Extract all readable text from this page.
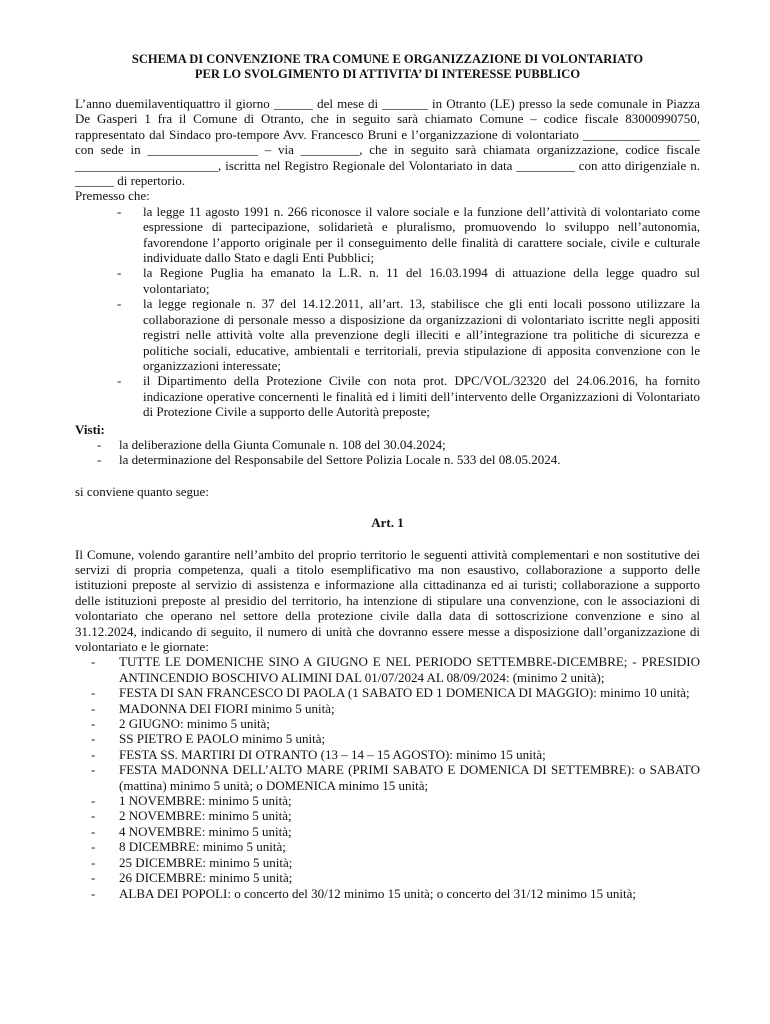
SCHEMA DI CONVENZIONE TRA COMUNE E ORGANIZZAZIONE DI VOLONTARIATO
PER LO SVOLGIMENTO DI ATTIVITA’ DI INTERESSE PUBBLICO

L’anno duemilaventiquattro il giorno ______ del mese di _______ in Otranto (LE) presso la sede comunale in Piazza De Gasperi 1 fra il Comune di Otranto, che in seguito sarà chiamato Comune – codice fiscale 83000990750, rappresentato dal Sindaco pro-tempore Avv. Francesco Bruni e l’organizzazione di volontariato __________________ con sede in _________________ – via _________, che in seguito sarà chiamata organizzazione, codice fiscale ______________________, iscritta nel Registro Regionale del Volontariato in data _________ con atto dirigenziale n. ______ di repertorio.

Premesso che:

- la legge 11 agosto 1991 n. 266 riconosce il valore sociale e la funzione dell’attività di volontariato come espressione di partecipazione, solidarietà e pluralismo, promuovendo lo sviluppo nell’autonomia, favorendone l’apporto originale per il conseguimento delle finalità di carattere sociale, civile e culturale individuate dallo Stato e dagli Enti Pubblici;
- la Regione Puglia ha emanato la L.R. n. 11 del 16.03.1994 di attuazione della legge quadro sul volontariato;
- la legge regionale n. 37 del 14.12.2011, all’art. 13, stabilisce che gli enti locali possono utilizzare la collaborazione di personale messo a disposizione da organizzazioni di volontariato iscritte negli appositi registri nelle attività volte alla prevenzione degli illeciti e all’integrazione tra politiche di sicurezza e politiche sociali, educative, ambientali e territoriali, previa stipulazione di apposita convenzione con le organizzazioni interessate;
- il Dipartimento della Protezione Civile con nota prot. DPC/VOL/32320 del 24.06.2016, ha fornito indicazione operative concernenti le finalità ed i limiti dell’intervento delle Organizzazioni di Volontariato di Protezione Civile a supporto delle Autorità preposte;

Visti:

- la deliberazione della Giunta Comunale n. 108 del 30.04.2024;
- la determinazione del Responsabile del Settore Polizia Locale n. 533 del 08.05.2024.

si conviene quanto segue:

Art. 1

Il Comune, volendo garantire nell’ambito del proprio territorio le seguenti attività complementari e non sostitutive dei servizi di propria competenza, quali a titolo esemplificativo ma non esaustivo, collaborazione a supporto delle istituzioni preposte al servizio di assistenza e informazione alla cittadinanza ed ai turisti; collaborazione a supporto delle istituzioni preposte al presidio del territorio, ha intenzione di stipulare una convenzione, con le associazioni di volontariato che operano nel settore della protezione civile dalla data di sottoscrizione convenzione e sino al 31.12.2024, indicando di seguito, il numero di unità che dovranno essere messe a disposizione dall’organizzazione di volontariato e le giornate:

- TUTTE LE DOMENICHE SINO A GIUGNO E NEL PERIODO SETTEMBRE-DICEMBRE; - PRESIDIO ANTINCENDIO BOSCHIVO ALIMINI DAL 01/07/2024 AL 08/09/2024: (minimo 2 unità);
- FESTA DI SAN FRANCESCO DI PAOLA (1 SABATO ED 1 DOMENICA DI MAGGIO): minimo 10 unità;
- MADONNA DEI FIORI minimo 5 unità;
- 2 GIUGNO: minimo 5 unità;
- SS PIETRO E PAOLO minimo 5 unità;
- FESTA SS. MARTIRI DI OTRANTO (13 – 14 – 15 AGOSTO): minimo 15 unità;
- FESTA MADONNA DELL’ALTO MARE (PRIMI SABATO E DOMENICA DI SETTEMBRE): o SABATO (mattina) minimo 5 unità; o DOMENICA minimo 15 unità;
- 1 NOVEMBRE: minimo 5 unità;
- 2 NOVEMBRE: minimo 5 unità;
- 4 NOVEMBRE: minimo 5 unità;
- 8 DICEMBRE: minimo 5 unità;
- 25 DICEMBRE: minimo 5 unità;
- 26 DICEMBRE: minimo 5 unità;
- ALBA DEI POPOLI: o concerto del 30/12 minimo 15 unità; o concerto del 31/12 minimo 15 unità;
